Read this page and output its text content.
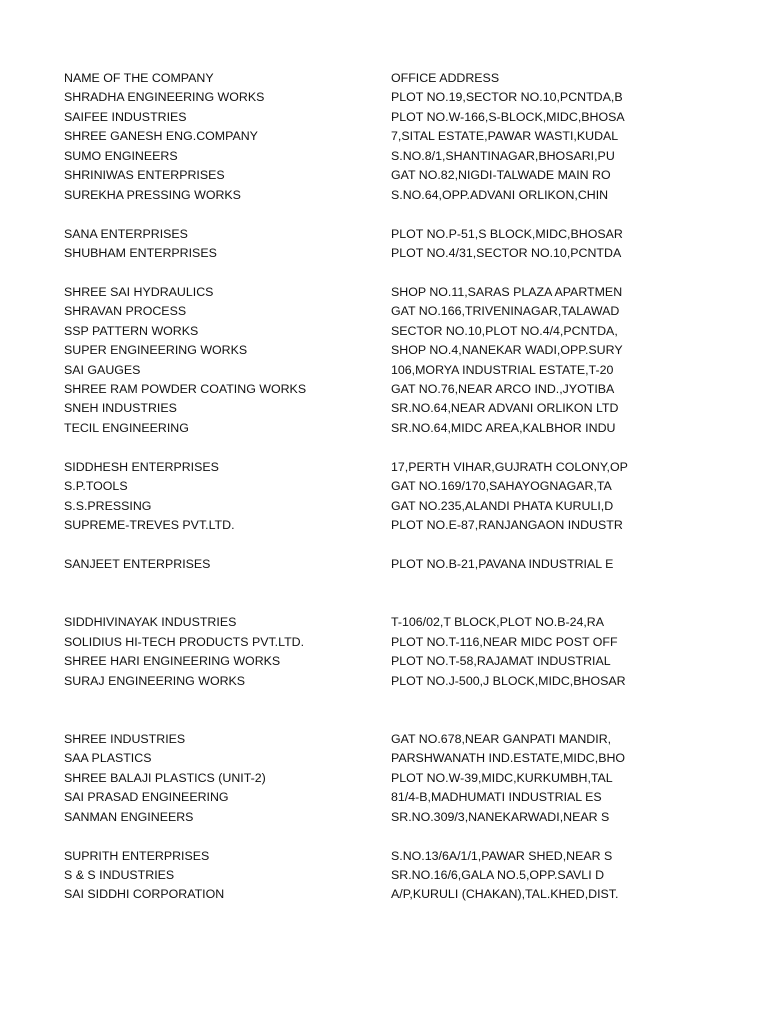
NAME OF THE COMPANY	OFFICE ADDRESS
SHRADHA ENGINEERING WORKS	PLOT NO.19,SECTOR NO.10,PCNTDA,B
SAIFEE INDUSTRIES	PLOT NO.W-166,S-BLOCK,MIDC,BHOSA
SHREE GANESH ENG.COMPANY	7,SITAL ESTATE,PAWAR WASTI,KUDAL
SUMO ENGINEERS	S.NO.8/1,SHANTINAGAR,BHOSARI,PU
SHRINIWAS ENTERPRISES	GAT NO.82,NIGDI-TALWADE MAIN RO
SUREKHA PRESSING WORKS	S.NO.64,OPP.ADVANI ORLIKON,CHIN
SANA ENTERPRISES	PLOT NO.P-51,S BLOCK,MIDC,BHOSAR
SHUBHAM ENTERPRISES	PLOT NO.4/31,SECTOR NO.10,PCNTDA
SHREE SAI HYDRAULICS	SHOP NO.11,SARAS PLAZA APARTMEN
SHRAVAN PROCESS	GAT NO.166,TRIVENINAGAR,TALAWAD
SSP PATTERN WORKS	SECTOR NO.10,PLOT NO.4/4,PCNTDA,
SUPER ENGINEERING WORKS	SHOP NO.4,NANEKAR WADI,OPP.SURY
SAI GAUGES	106,MORYA INDUSTRIAL ESTATE,T-20
SHREE RAM POWDER COATING WORKS	GAT NO.76,NEAR ARCO IND.,JYOTIBA
SNEH INDUSTRIES	SR.NO.64,NEAR ADVANI ORLIKON LTD
TECIL ENGINEERING	SR.NO.64,MIDC AREA,KALBHOR INDU
SIDDHESH ENTERPRISES	17,PERTH VIHAR,GUJRATH COLONY,OP
S.P.TOOLS	GAT NO.169/170,SAHAYOGNAGAR,TA
S.S.PRESSING	GAT NO.235,ALANDI PHATA KURULI,D
SUPREME-TREVES PVT.LTD.	PLOT NO.E-87,RANJANGAON INDUSTR
SANJEET ENTERPRISES	PLOT NO.B-21,PAVANA INDUSTRIAL E
SIDDHIVINAYAK INDUSTRIES	T-106/02,T BLOCK,PLOT NO.B-24,RA
SOLIDIUS HI-TECH PRODUCTS PVT.LTD.	PLOT NO.T-116,NEAR MIDC POST OFF
SHREE HARI ENGINEERING WORKS	PLOT NO.T-58,RAJAMAT INDUSTRIAL
SURAJ ENGINEERING WORKS	PLOT NO.J-500,J BLOCK,MIDC,BHOSAR
SHREE INDUSTRIES	GAT NO.678,NEAR GANPATI MANDIR,
SAA PLASTICS	PARSHWANATH IND.ESTATE,MIDC,BHO
SHREE BALAJI PLASTICS (UNIT-2)	PLOT NO.W-39,MIDC,KURKUMBH,TAL
SAI PRASAD ENGINEERING	81/4-B,MADHUMATI INDUSTRIAL ES
SANMAN ENGINEERS	SR.NO.309/3,NANEKARWADI,NEAR S
SUPRITH ENTERPRISES	S.NO.13/6A/1/1,PAWAR SHED,NEAR S
S & S INDUSTRIES	SR.NO.16/6,GALA NO.5,OPP.SAVLI D
SAI SIDDHI CORPORATION	A/P,KURULI (CHAKAN),TAL.KHED,DIST.
